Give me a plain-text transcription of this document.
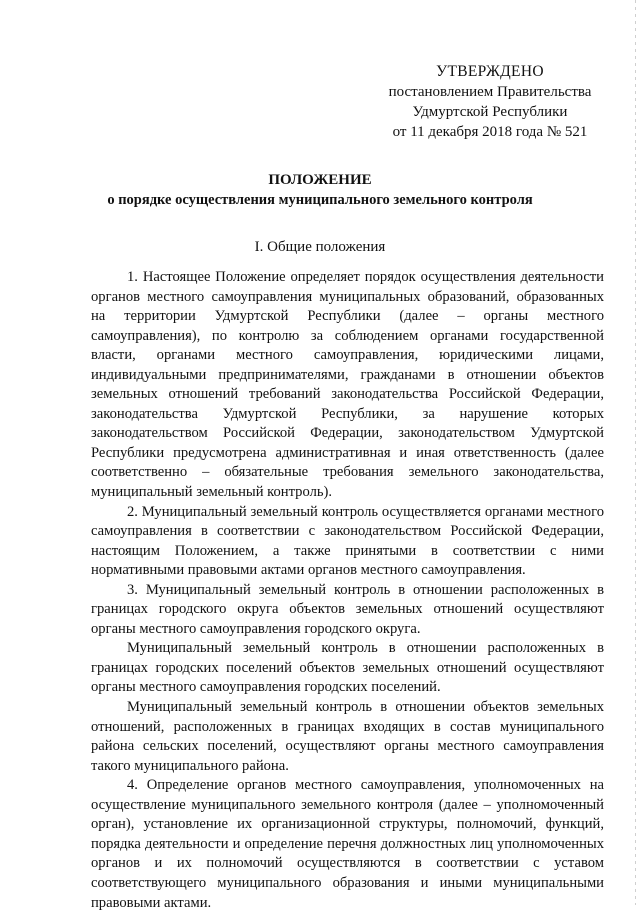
УТВЕРЖДЕНО
постановлением Правительства
Удмуртской Республики
от 11 декабря 2018 года № 521
ПОЛОЖЕНИЕ
о порядке осуществления муниципального земельного контроля
I. Общие положения

1. Настоящее Положение определяет порядок осуществления деятельности органов местного самоуправления муниципальных образований, образованных на территории Удмуртской Республики (далее – органы местного самоуправления), по контролю за соблюдением органами государственной власти, органами местного самоуправления, юридическими лицами, индивидуальными предпринимателями, гражданами в отношении объектов земельных отношений требований законодательства Российской Федерации, законодательства Удмуртской Республики, за нарушение которых законодательством Российской Федерации, законодательством Удмуртской Республики предусмотрена административная и иная ответственность (далее соответственно – обязательные требования земельного законодательства, муниципальный земельный контроль).

2. Муниципальный земельный контроль осуществляется органами местного самоуправления в соответствии с законодательством Российской Федерации, настоящим Положением, а также принятыми в соответствии с ними нормативными правовыми актами органов местного самоуправления.

3. Муниципальный земельный контроль в отношении расположенных в границах городского округа объектов земельных отношений осуществляют органы местного самоуправления городского округа.

Муниципальный земельный контроль в отношении расположенных в границах городских поселений объектов земельных отношений осуществляют органы местного самоуправления городских поселений.

Муниципальный земельный контроль в отношении объектов земельных отношений, расположенных в границах входящих в состав муниципального района сельских поселений, осуществляют органы местного самоуправления такого муниципального района.

4. Определение органов местного самоуправления, уполномоченных на осуществление муниципального земельного контроля (далее – уполномоченный орган), установление их организационной структуры, полномочий, функций, порядка деятельности и определение перечня должностных лиц уполномоченных органов и их полномочий осуществляются в соответствии с уставом соответствующего муниципального образования и иными муниципальными правовыми актами.
